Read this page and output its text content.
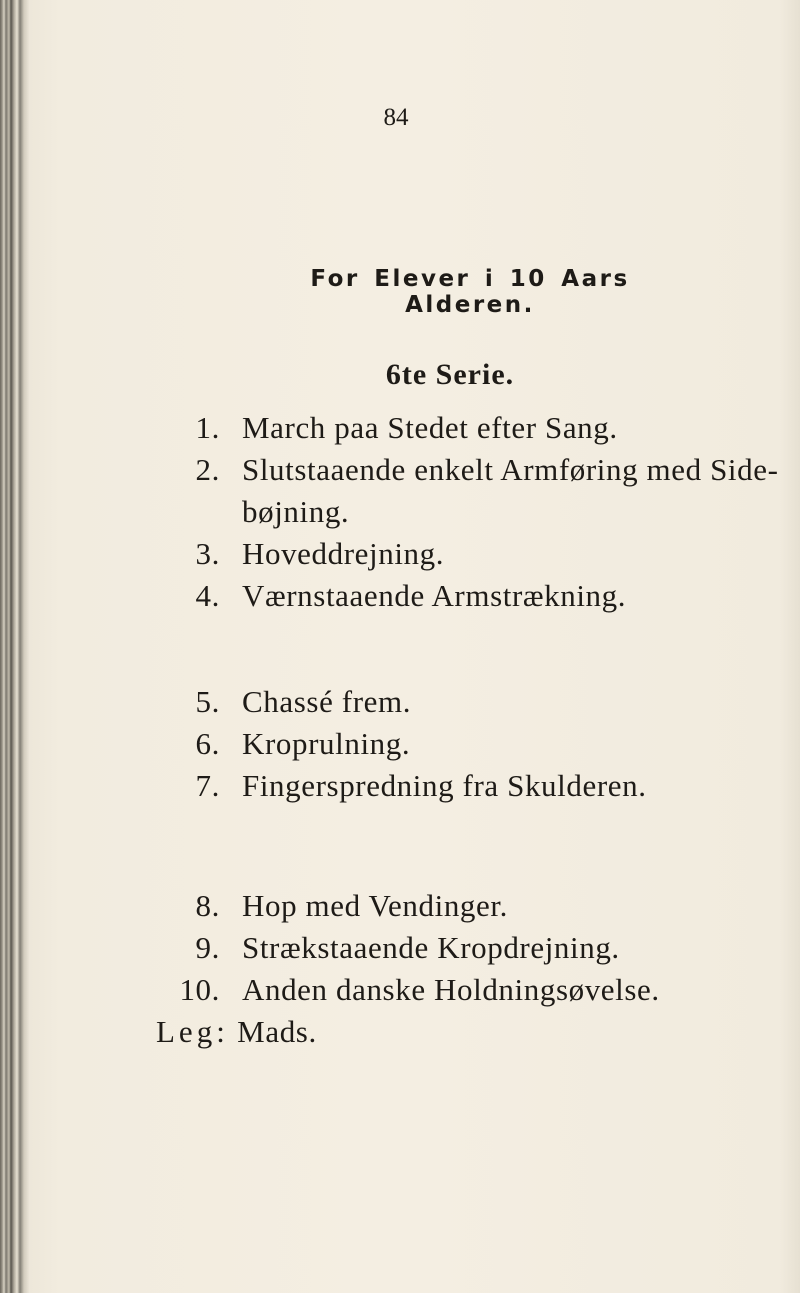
84
For Elever i 10 Aars Alderen.
6te Serie.
1. March paa Stedet efter Sang.
2. Slutstaaende enkelt Armføring med Side-
bøjning.
3. Hoveddrejning.
4. Værnstaaende Armstrækning.
5. Chassé frem.
6. Kroprulning.
7. Fingerspredning fra Skulderen.
8. Hop med Vendinger.
9. Strækstaaende Kropdrejning.
10. Anden danske Holdningsøvelse.
Leg: Mads.
